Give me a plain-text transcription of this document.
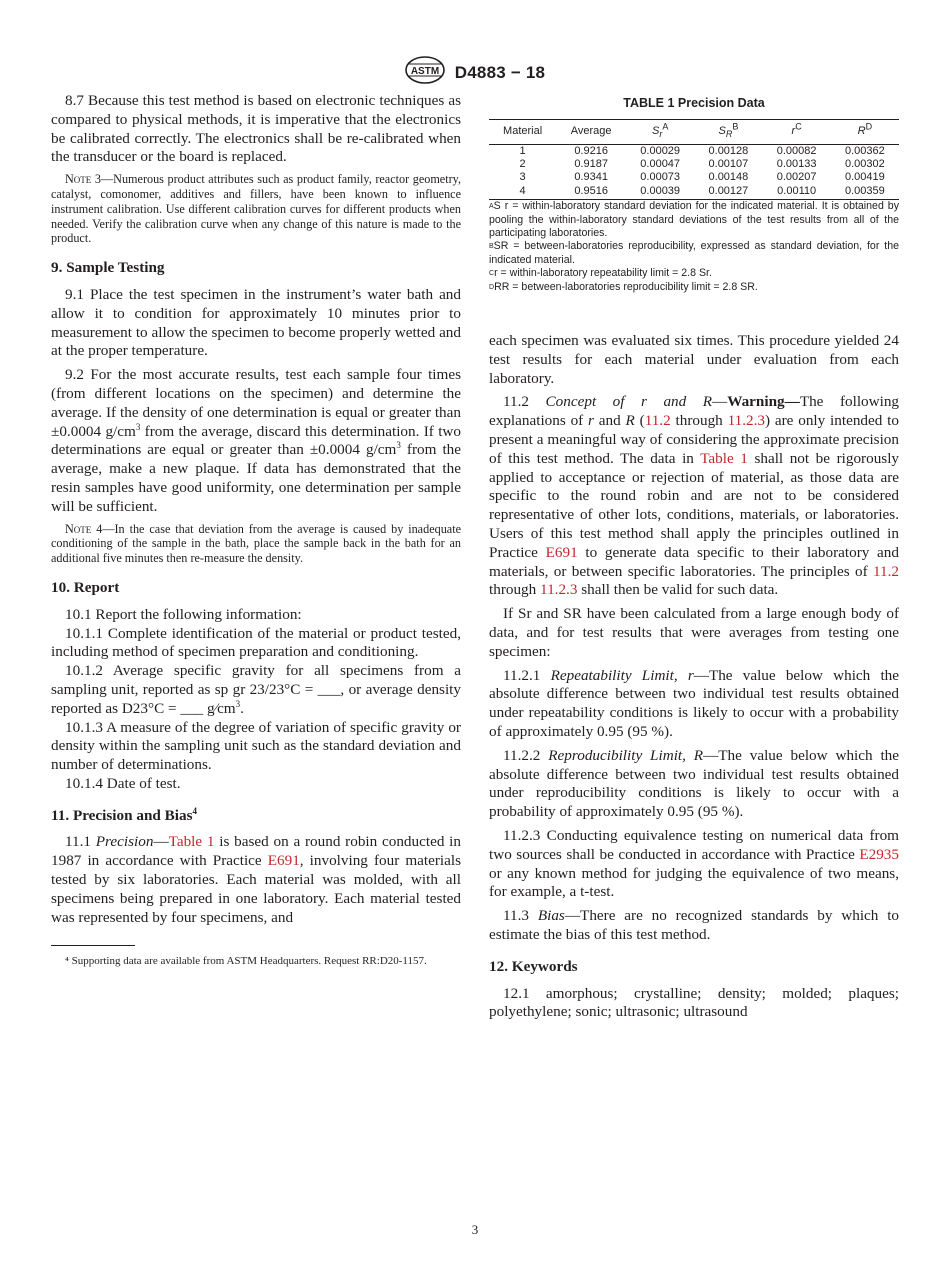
ASTM D4883 − 18

8.7 Because this test method is based on electronic techniques as compared to physical methods, it is imperative that the electronics be calibrated correctly. The electronics shall be re-calibrated when the transducer or the board is replaced.

Note 3—Numerous product attributes such as product family, reactor geometry, catalyst, comonomer, additives and fillers, have been known to influence instrument calibration. Use different calibration curves for different products when needed. Verify the calibration curve when any change of this nature is made to the product.

9. Sample Testing

9.1 Place the test specimen in the instrument’s water bath and allow it to condition for approximately 10 minutes prior to measurement to allow the specimen to become properly wetted and at the proper temperature.

9.2 For the most accurate results, test each sample four times (from different locations on the specimen) and determine the average. If the density of one determination is equal or greater than ±0.0004 $g/cm^3$ from the average, discard this determination. If two determinations are equal or greater than ±0.0004 $g/cm^3$ from the average, make a new plaque. If data has demonstrated that the resin samples have good uniformity, one determination per sample will be sufficient.

Note 4—In the case that deviation from the average is caused by inadequate conditioning of the sample in the bath, place the sample back in the bath for an additional five minutes then re-measure the density.

10. Report

10.1 Report the following information:

10.1.1 Complete identification of the material or product tested, including method of specimen preparation and conditioning.

10.1.2 Average specific gravity for all specimens from a sampling unit, reported as sp gr 23/23°C = ___, or average density reported as D23°C = ___ $g⁄cm^3$.

10.1.3 A measure of the degree of variation of specific gravity or density within the sampling unit such as the standard deviation and number of determinations.

10.1.4 Date of test.

11. Precision and Bias$^4$

11.1 Precision—Table 1 is based on a round robin conducted in 1987 in accordance with Practice E691, involving four materials tested by six laboratories. Each material was molded, with all specimens being prepared in one laboratory. Each material tested was represented by four specimens, and

⁴ Supporting data are available from ASTM Headquarters. Request RR:D20-1157.

TABLE 1 Precision Data
Material	Average	$S_r^A$	$S_R^B$	$r^C$	$R^D$
1	0.9216	0.00029	0.00128	0.00082	0.00362
2	0.9187	0.00047	0.00107	0.00133	0.00302
3	0.9341	0.00073	0.00148	0.00207	0.00419
4	0.9516	0.00039	0.00127	0.00110	0.00359

$^A$S r = within-laboratory standard deviation for the indicated material. It is obtained by pooling the within-laboratory standard deviations of the test results from all of the participating laboratories.

$^B$SR = between-laboratories reproducibility, expressed as standard deviation, for the indicated material.

$^C$r = within-laboratory repeatability limit = 2.8 Sr.

$^D$RR = between-laboratories reproducibility limit = 2.8 SR.

each specimen was evaluated six times. This procedure yielded 24 test results for each material under evaluation from each laboratory.

11.2 Concept of r and R—Warning—The following explanations of r and R (11.2 through 11.2.3) are only intended to present a meaningful way of considering the approximate precision of this test method. The data in Table 1 shall not be rigorously applied to acceptance or rejection of material, as those data are specific to the round robin and are not to be considered representative of other lots, conditions, materials, or laboratories. Users of this test method shall apply the principles outlined in Practice E691 to generate data specific to their laboratory and materials, or between specific laboratories. The principles of 11.2 through 11.2.3 shall then be valid for such data.

If Sr and SR have been calculated from a large enough body of data, and for test results that were averages from testing one specimen:

11.2.1 Repeatability Limit, r—The value below which the absolute difference between two individual test results obtained under repeatability conditions is likely to occur with a probability of approximately 0.95 (95 %).

11.2.2 Reproducibility Limit, R—The value below which the absolute difference between two individual test results obtained under reproducibility conditions is likely to occur with a probability of approximately 0.95 (95 %).

11.2.3 Conducting equivalence testing on numerical data from two sources shall be conducted in accordance with Practice E2935 or any known method for judging the equivalence of two means, for example, a t-test.

11.3 Bias—There are no recognized standards by which to estimate the bias of this test method.

12. Keywords

12.1 amorphous; crystalline; density; molded; plaques; polyethylene; sonic; ultrasonic; ultrasound

3
